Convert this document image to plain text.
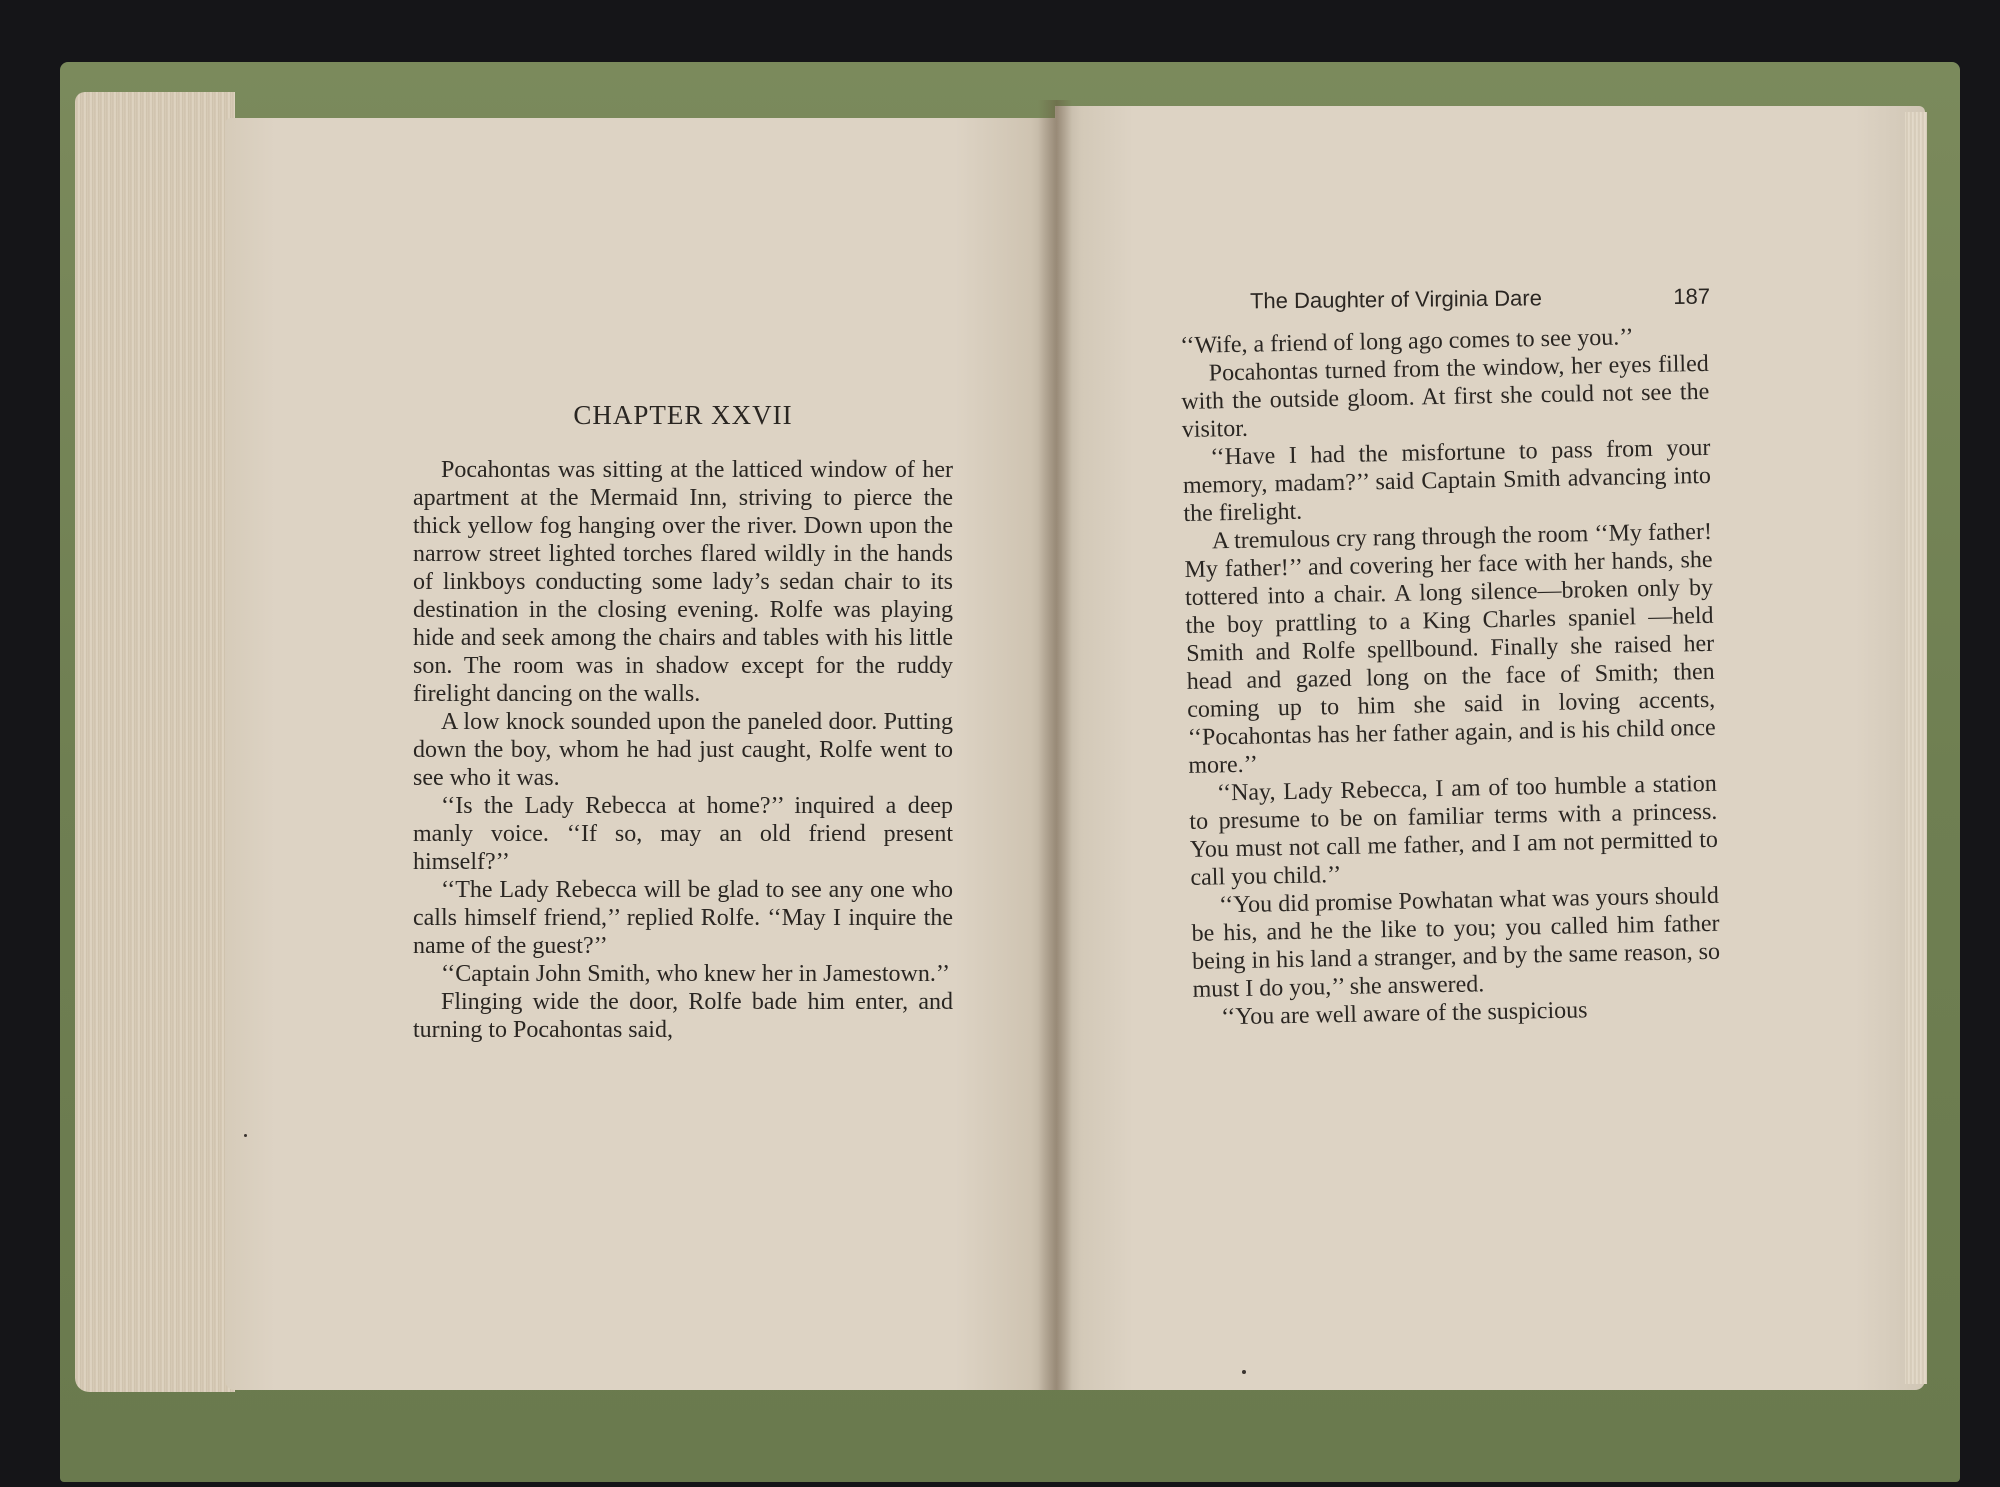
CHAPTER XXVII

Pocahontas was sitting at the latticed window of her apartment at the Mermaid Inn, striving to pierce the thick yellow fog hanging over the river. Down upon the narrow street lighted torches flared wildly in the hands of linkboys conducting some lady’s sedan chair to its destination in the closing evening. Rolfe was playing hide and seek among the chairs and tables with his little son. The room was in shadow except for the ruddy firelight dancing on the walls.

A low knock sounded upon the paneled door. Putting down the boy, whom he had just caught, Rolfe went to see who it was.

‘‘Is the Lady Rebecca at home?’’ inquired a deep manly voice. ‘‘If so, may an old friend present himself?’’

‘‘The Lady Rebecca will be glad to see any one who calls himself friend,’’ replied Rolfe. ‘‘May I inquire the name of the guest?’’

‘‘Captain John Smith, who knew her in Jamestown.’’

Flinging wide the door, Rolfe bade him enter, and turning to Pocahontas said,

The Daughter of Virginia Dare	187

‘‘Wife, a friend of long ago comes to see you.’’

Pocahontas turned from the window, her eyes filled with the outside gloom. At first she could not see the visitor.

‘‘Have I had the misfortune to pass from your memory, madam?’’ said Captain Smith advancing into the firelight.

A tremulous cry rang through the room ‘‘My father! My father!’’ and covering her face with her hands, she tottered into a chair. A long silence—broken only by the boy prattling to a King Charles spaniel —held Smith and Rolfe spellbound. Finally she raised her head and gazed long on the face of Smith; then coming up to him she said in loving accents, ‘‘Pocahontas has her father again, and is his child once more.’’

‘‘Nay, Lady Rebecca, I am of too humble a station to presume to be on familiar terms with a princess. You must not call me father, and I am not permitted to call you child.’’

‘‘You did promise Powhatan what was yours should be his, and he the like to you; you called him father being in his land a stranger, and by the same reason, so must I do you,’’ she answered.

‘‘You are well aware of the suspicious
